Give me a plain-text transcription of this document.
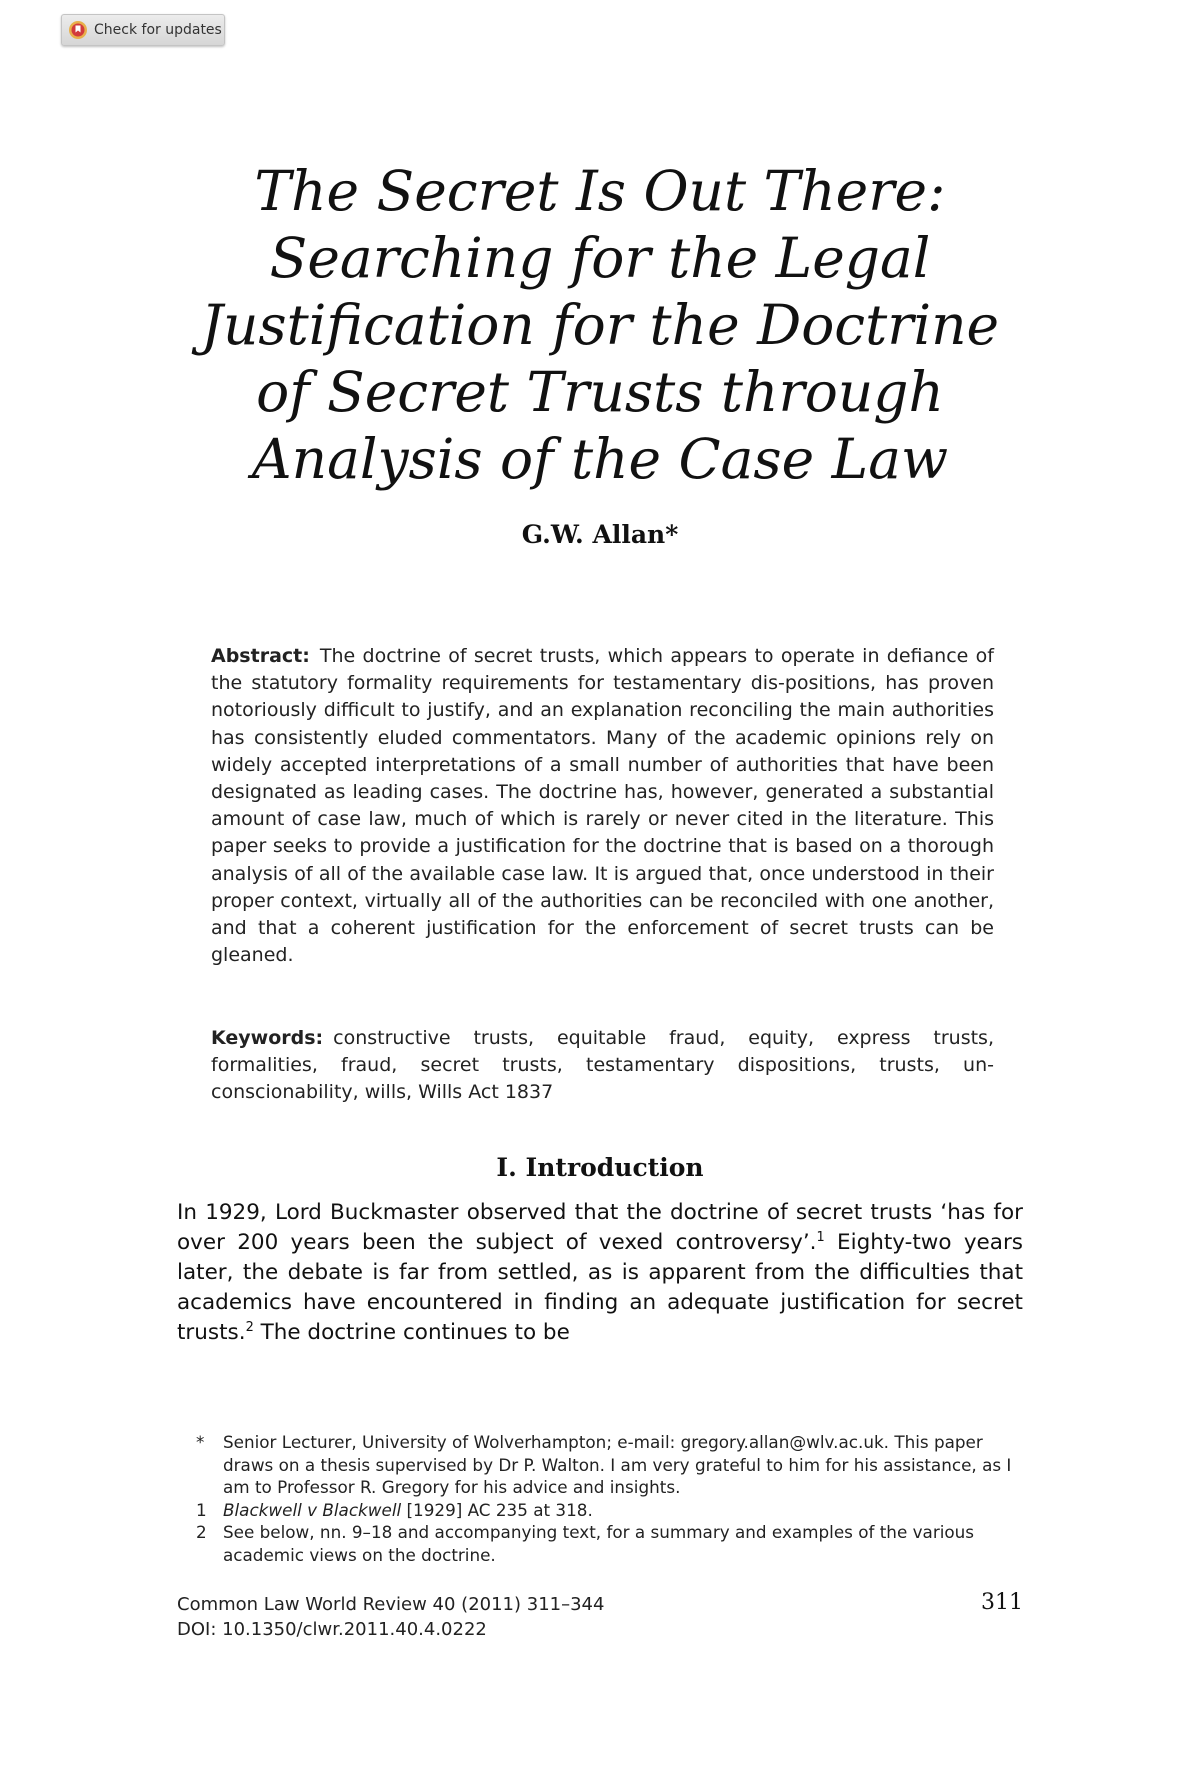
Check for updates
The Secret Is Out There:
Searching for the Legal
Justification for the Doctrine
of Secret Trusts through
Analysis of the Case Law
G.W. Allan*
Abstract: The doctrine of secret trusts, which appears to operate in defiance of the statutory formality requirements for testamentary dis-positions, has proven notoriously difficult to justify, and an explanation reconciling the main authorities has consistently eluded commentators. Many of the academic opinions rely on widely accepted interpretations of a small number of authorities that have been designated as leading cases. The doctrine has, however, generated a substantial amount of case law, much of which is rarely or never cited in the literature. This paper seeks to provide a justification for the doctrine that is based on a thorough analysis of all of the available case law. It is argued that, once understood in their proper context, virtually all of the authorities can be reconciled with one another, and that a coherent justification for the enforcement of secret trusts can be gleaned.
Keywords: constructive trusts, equitable fraud, equity, express trusts, formalities, fraud, secret trusts, testamentary dispositions, trusts, un-conscionability, wills, Wills Act 1837
I. Introduction
In 1929, Lord Buckmaster observed that the doctrine of secret trusts ‘has for over 200 years been the subject of vexed controversy’.$^1$ Eighty-two years later, the debate is far from settled, as is apparent from the difficulties that academics have encountered in finding an adequate justification for secret trusts.$^2$ The doctrine continues to be
*	Senior Lecturer, University of Wolverhampton; e-mail: gregory.allan@wlv.ac.uk. This paper draws on a thesis supervised by Dr P. Walton. I am very grateful to him for his assistance, as I am to Professor R. Gregory for his advice and insights.
1 Blackwell v Blackwell [1929] AC 235 at 318.
2 See below, nn. 9–18 and accompanying text, for a summary and examples of the various academic views on the doctrine.
Common Law World Review 40 (2011) 311–344
DOI: 10.1350/clwr.2011.40.4.0222
311
